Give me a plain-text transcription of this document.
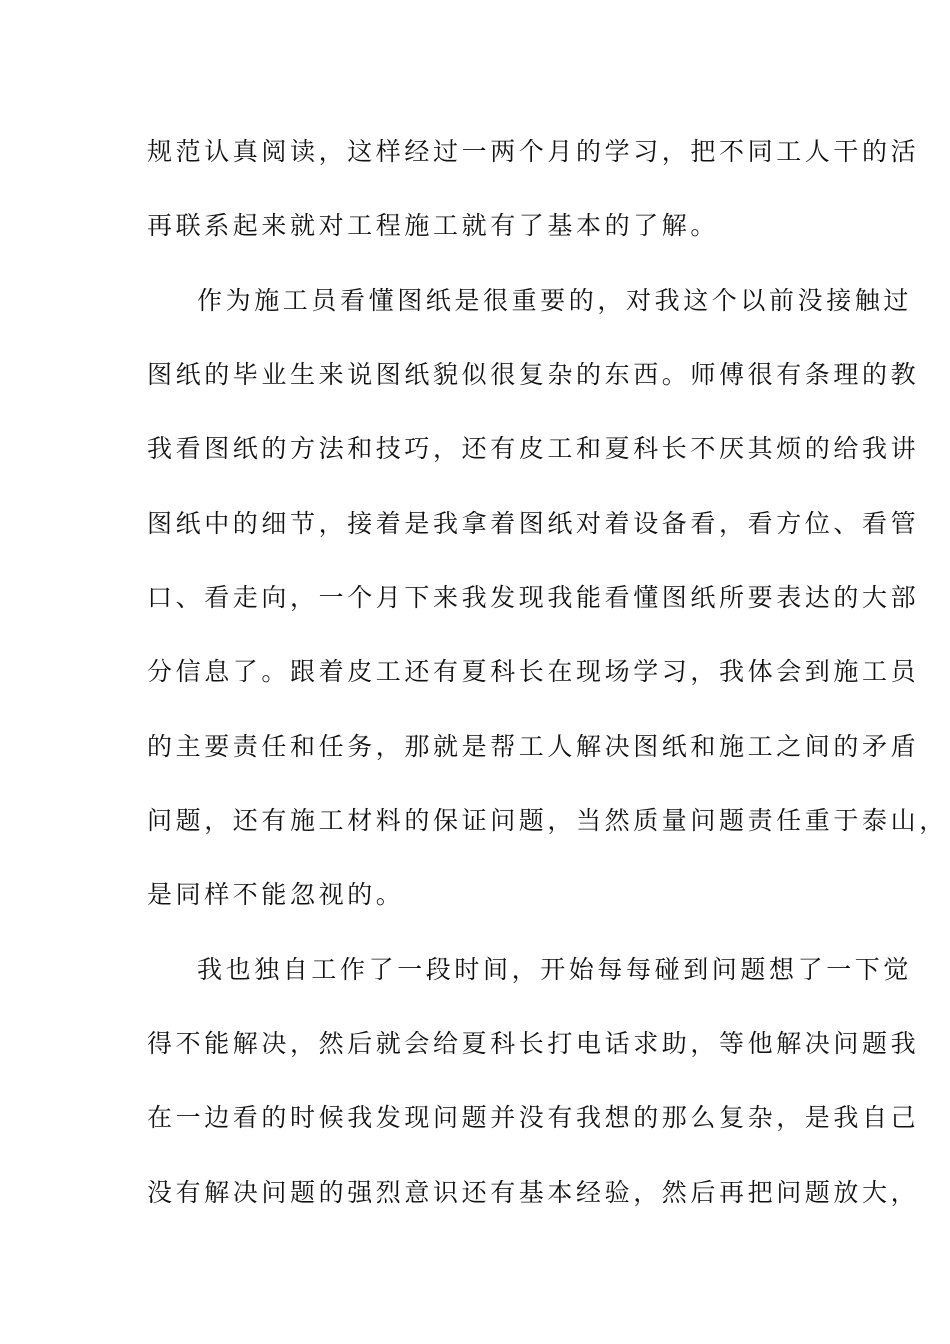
规范认真阅读，这样经过一两个月的学习，把不同工人干的活
再联系起来就对工程施工就有了基本的了解。
作为施工员看懂图纸是很重要的，对我这个以前没接触过
图纸的毕业生来说图纸貌似很复杂的东西。师傅很有条理的教
我看图纸的方法和技巧，还有皮工和夏科长不厌其烦的给我讲
图纸中的细节，接着是我拿着图纸对着设备看，看方位、看管
口、看走向，一个月下来我发现我能看懂图纸所要表达的大部
分信息了。跟着皮工还有夏科长在现场学习，我体会到施工员
的主要责任和任务，那就是帮工人解决图纸和施工之间的矛盾
问题，还有施工材料的保证问题，当然质量问题责任重于泰山，
是同样不能忽视的。
我也独自工作了一段时间，开始每每碰到问题想了一下觉
得不能解决，然后就会给夏科长打电话求助，等他解决问题我
在一边看的时候我发现问题并没有我想的那么复杂，是我自己
没有解决问题的强烈意识还有基本经验，然后再把问题放大，
